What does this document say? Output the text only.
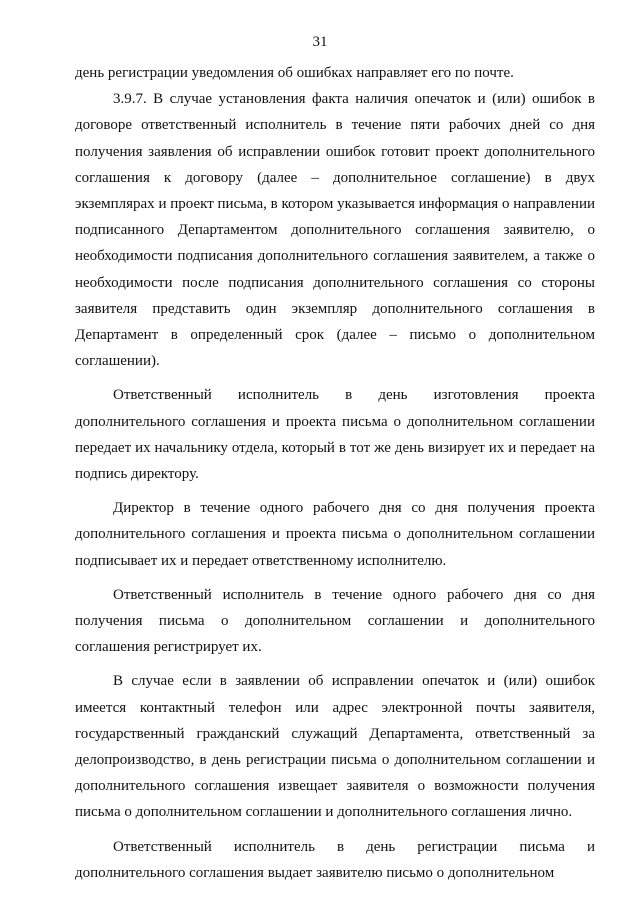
31

день регистрации уведомления об ошибках направляет его по почте.

3.9.7. В случае установления факта наличия опечаток и (или) ошибок в договоре ответственный исполнитель в течение пяти рабочих дней со дня получения заявления об исправлении ошибок готовит проект дополнительного соглашения к договору (далее – дополнительное соглашение) в двух экземплярах и проект письма, в котором указывается информация о направлении подписанного Департаментом дополнительного соглашения заявителю, о необходимости подписания дополнительного соглашения заявителем, а также о необходимости после подписания дополнительного соглашения со стороны заявителя представить один экземпляр дополнительного соглашения в Департамент в определенный срок (далее – письмо о дополнительном соглашении).

Ответственный исполнитель в день изготовления проекта дополнительного соглашения и проекта письма о дополнительном соглашении передает их начальнику отдела, который в тот же день визирует их и передает на подпись директору.

Директор в течение одного рабочего дня со дня получения проекта дополнительного соглашения и проекта письма о дополнительном соглашении подписывает их и передает ответственному исполнителю.

Ответственный исполнитель в течение одного рабочего дня со дня получения письма о дополнительном соглашении и дополнительного соглашения регистрирует их.

В случае если в заявлении об исправлении опечаток и (или) ошибок имеется контактный телефон или адрес электронной почты заявителя, государственный гражданский служащий Департамента, ответственный за делопроизводство, в день регистрации письма о дополнительном соглашении и дополнительного соглашения извещает заявителя о возможности получения письма о дополнительном соглашении и дополнительного соглашения лично.

Ответственный исполнитель в день регистрации письма и дополнительного соглашения выдает заявителю письмо о дополнительном
